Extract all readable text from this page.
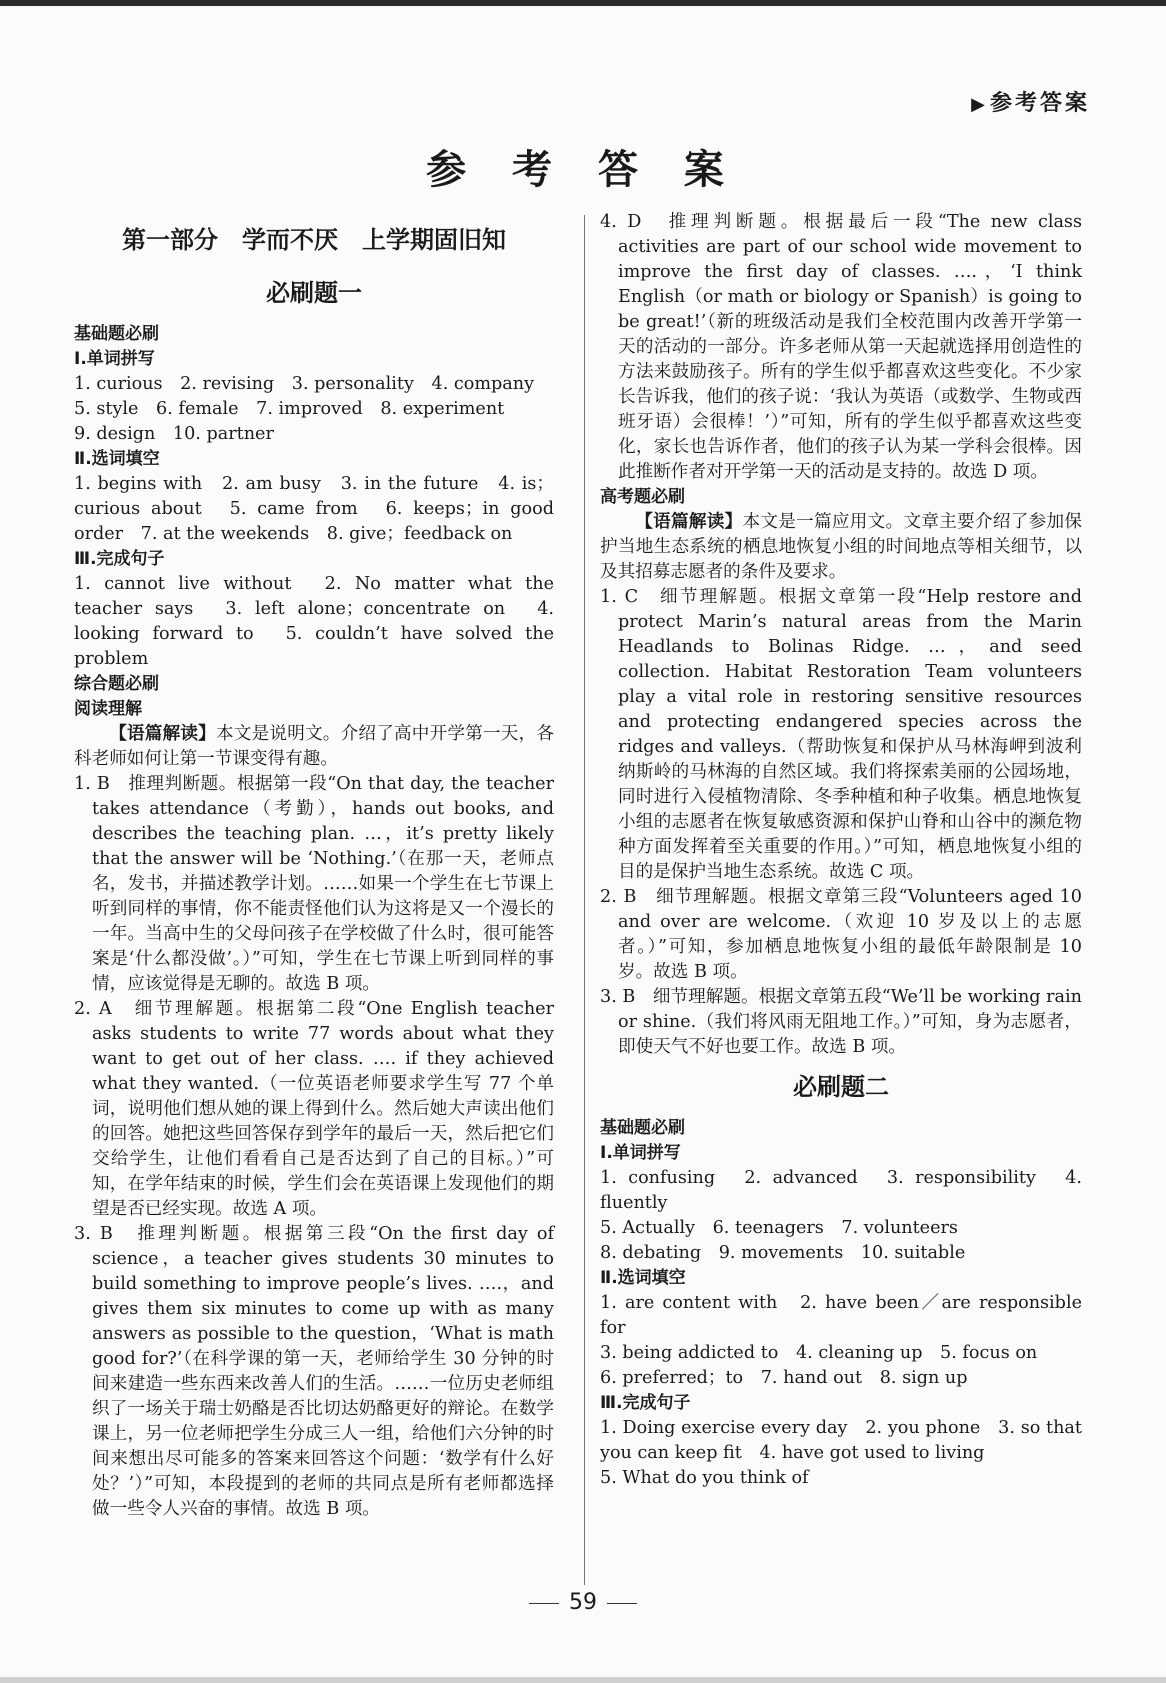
▶参考答案
参 考 答 案
第一部分　学而不厌　上学期固旧知
必刷题一
基础题必刷
Ⅰ.单词拼写
1. curious　2. revising　3. personality　4. company
5. style　6. female　7. improved　8. experiment
9. design　10. partner
Ⅱ.选词填空
1. begins with　2. am busy　3. in the future　4. is；curious about　5. came from　6. keeps；in good order　7. at the weekends　8. give；feedback on
Ⅲ.完成句子
1. cannot live without　2. No matter what the teacher says　3. left alone；concentrate on　4. looking forward to　5. couldn’t have solved the problem
综合题必刷
阅读理解
【语篇解读】本文是说明文。介绍了高中开学第一天，各科老师如何让第一节课变得有趣。
1. B　推理判断题。根据第一段“On that day, the teacher takes attendance（考勤），hands out books, and describes the teaching plan. …，it’s pretty likely that the answer will be ‘Nothing.’（在那一天，老师点名，发书，并描述教学计划。……如果一个学生在七节课上听到同样的事情，你不能责怪他们认为这将是又一个漫长的一年。当高中生的父母问孩子在学校做了什么时，很可能答案是‘什么都没做’。）”可知，学生在七节课上听到同样的事情，应该觉得是无聊的。故选 B 项。
2. A　细节理解题。根据第二段“One English teacher asks students to write 77 words about what they want to get out of her class. …. if they achieved what they wanted.（一位英语老师要求学生写 77 个单词，说明他们想从她的课上得到什么。然后她大声读出他们的回答。她把这些回答保存到学年的最后一天，然后把它们交给学生，让他们看看自己是否达到了自己的目标。）”可知，在学年结束的时候，学生们会在英语课上发现他们的期望是否已经实现。故选 A 项。
3. B　推理判断题。根据第三段“On the first day of science，a teacher gives students 30 minutes to build something to improve people’s lives. ….，and gives them six minutes to come up with as many answers as possible to the question，‘What is math good for?’（在科学课的第一天，老师给学生 30 分钟的时间来建造一些东西来改善人们的生活。……一位历史老师组织了一场关于瑞士奶酪是否比切达奶酪更好的辩论。在数学课上，另一位老师把学生分成三人一组，给他们六分钟的时间来想出尽可能多的答案来回答这个问题：‘数学有什么好处？’）”可知，本段提到的老师的共同点是所有老师都选择做一些令人兴奋的事情。故选 B 项。
4. D　推理判断题。根据最后一段“The new class activities are part of our school wide movement to improve the first day of classes. ….，‘I think English（or math or biology or Spanish）is going to be great!’（新的班级活动是我们全校范围内改善开学第一天的活动的一部分。许多老师从第一天起就选择用创造性的方法来鼓励孩子。所有的学生似乎都喜欢这些变化。不少家长告诉我，他们的孩子说：‘我认为英语（或数学、生物或西班牙语）会很棒！’）”可知，所有的学生似乎都喜欢这些变化，家长也告诉作者，他们的孩子认为某一学科会很棒。因此推断作者对开学第一天的活动是支持的。故选 D 项。
高考题必刷
【语篇解读】本文是一篇应用文。文章主要介绍了参加保护当地生态系统的栖息地恢复小组的时间地点等相关细节，以及其招募志愿者的条件及要求。
1. C　细节理解题。根据文章第一段“Help restore and protect Marin’s natural areas from the Marin Headlands to Bolinas Ridge. …，and seed collection. Habitat Restoration Team volunteers play a vital role in restoring sensitive resources and protecting endangered species across the ridges and valleys.（帮助恢复和保护从马林海岬到波利纳斯岭的马林海的自然区域。我们将探索美丽的公园场地，同时进行入侵植物清除、冬季种植和种子收集。栖息地恢复小组的志愿者在恢复敏感资源和保护山脊和山谷中的濒危物种方面发挥着至关重要的作用。）”可知，栖息地恢复小组的目的是保护当地生态系统。故选 C 项。
2. B　细节理解题。根据文章第三段“Volunteers aged 10 and over are welcome.（欢迎 10 岁及以上的志愿者。）”可知，参加栖息地恢复小组的最低年龄限制是 10 岁。故选 B 项。
3. B　细节理解题。根据文章第五段“We’ll be working rain or shine.（我们将风雨无阻地工作。）”可知，身为志愿者，即使天气不好也要工作。故选 B 项。
必刷题二
基础题必刷
Ⅰ.单词拼写
1. confusing　2. advanced　3. responsibility　4. fluently
5. Actually　6. teenagers　7. volunteers
8. debating　9. movements　10. suitable
Ⅱ.选词填空
1. are content with　2. have been／are responsible for
3. being addicted to　4. cleaning up　5. focus on
6. preferred；to　7. hand out　8. sign up
Ⅲ.完成句子
1. Doing exercise every day　2. you phone　3. so that you can keep fit　4. have got used to living
5. What do you think of
59
